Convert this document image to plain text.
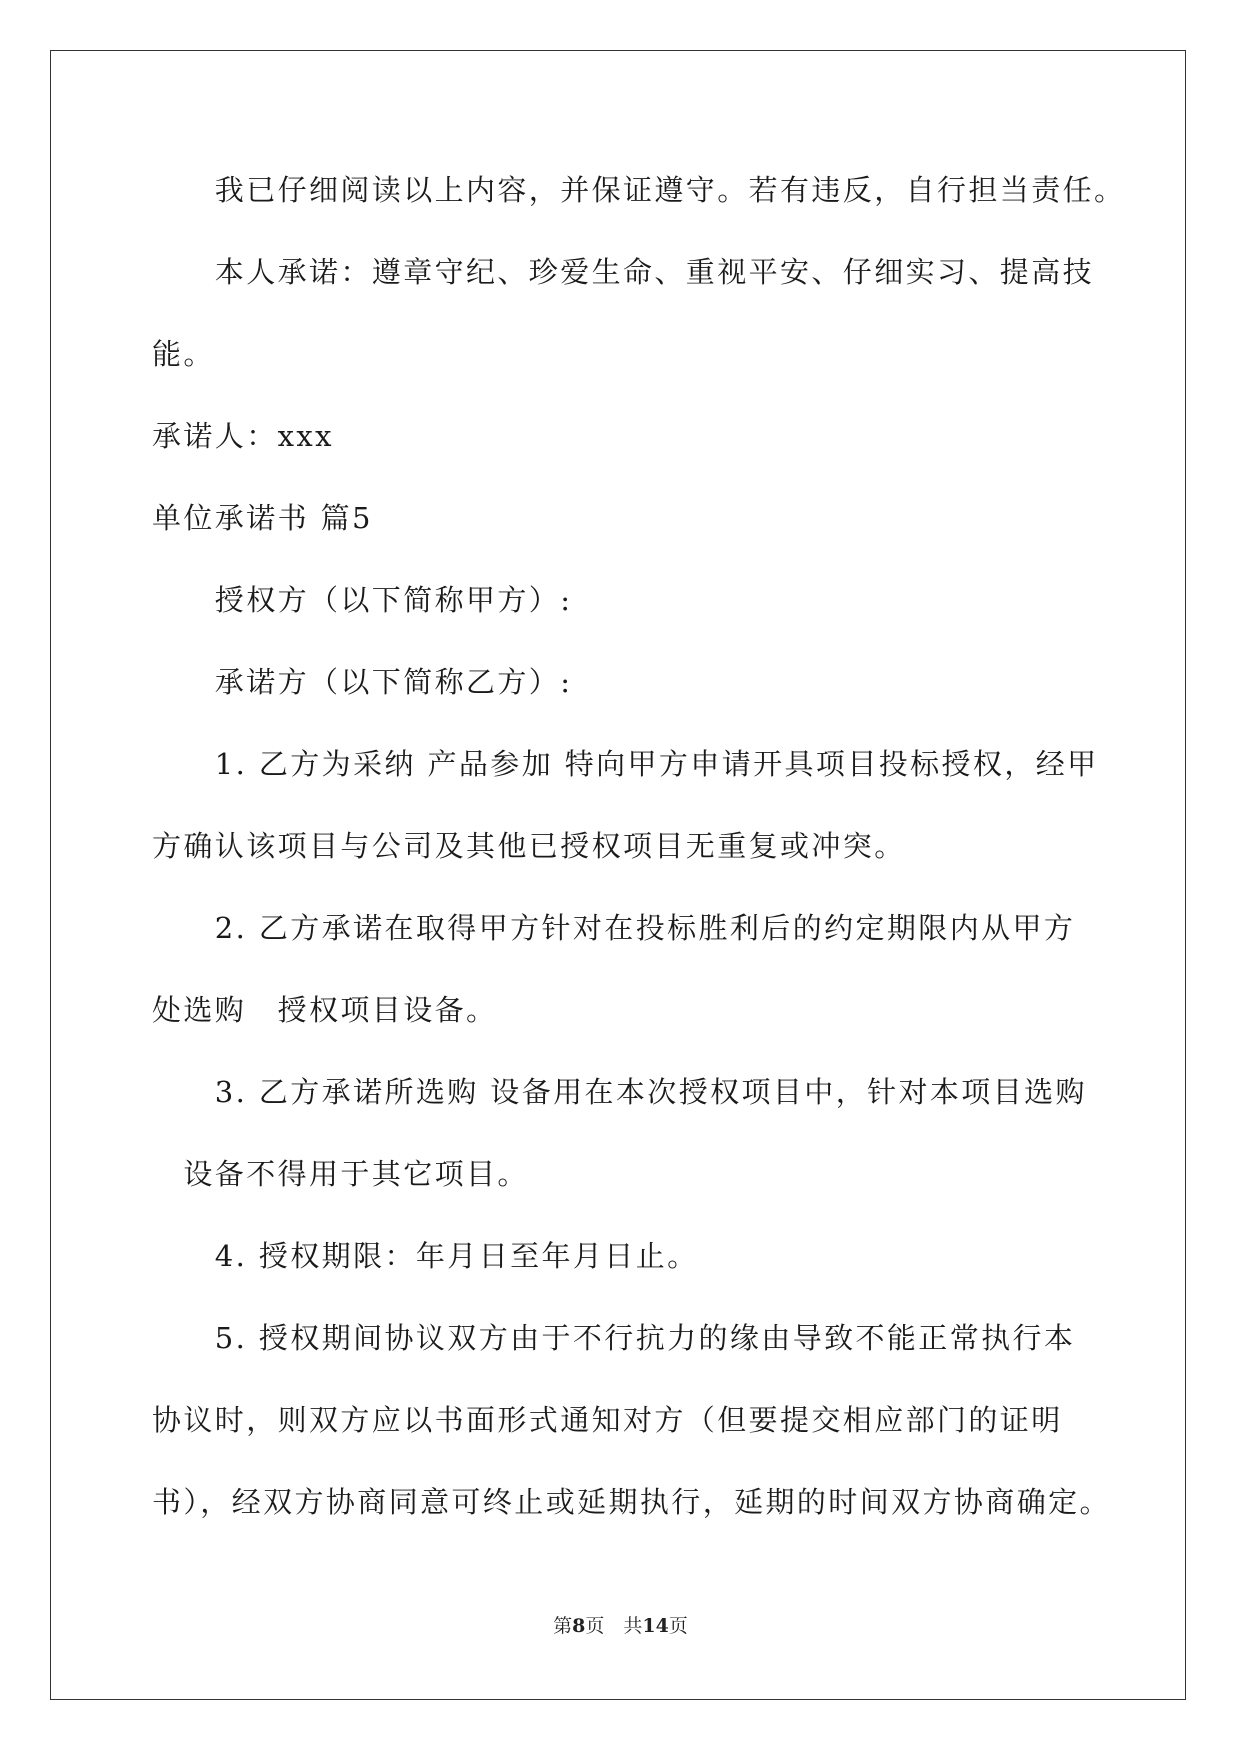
　　我已仔细阅读以上内容，并保证遵守。若有违反，自行担当责任。
　　本人承诺：遵章守纪、珍爱生命、重视平安、仔细实习、提高技
能。
承诺人：xxx
单位承诺书 篇5
　　授权方（以下简称甲方）:
　　承诺方（以下简称乙方）:
　　1. 乙方为采纳 产品参加 特向甲方申请开具项目投标授权，经甲
方确认该项目与公司及其他已授权项目无重复或冲突。
　　2. 乙方承诺在取得甲方针对在投标胜利后的约定期限内从甲方
处选购　授权项目设备。
　　3. 乙方承诺所选购 设备用在本次授权项目中，针对本项目选购
　设备不得用于其它项目。
　　4. 授权期限：年月日至年月日止。
　　5. 授权期间协议双方由于不行抗力的缘由导致不能正常执行本
协议时，则双方应以书面形式通知对方（但要提交相应部门的证明
书），经双方协商同意可终止或延期执行，延期的时间双方协商确定。
第8页　共14页
